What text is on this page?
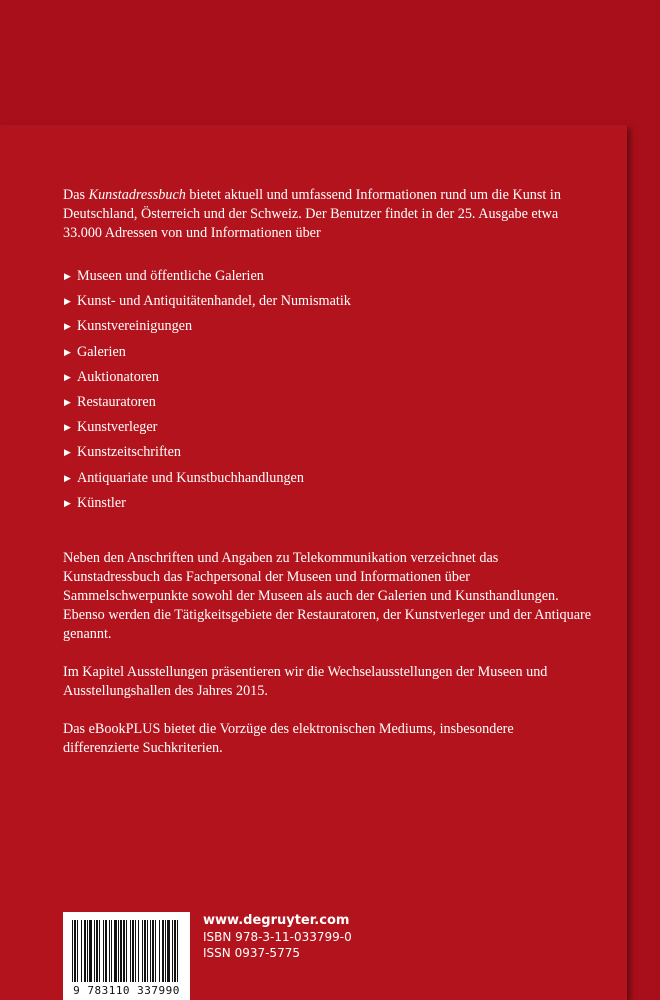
Das Kunstadressbuch bietet aktuell und umfassend Informationen rund um die Kunst in Deutschland, Österreich und der Schweiz. Der Benutzer findet in der 25. Ausgabe etwa 33.000 Adressen von und Informationen über

▶ Museen und öffentliche Galerien
▶ Kunst- und Antiquitätenhandel, der Numismatik
▶ Kunstvereinigungen
▶ Galerien
▶ Auktionatoren
▶ Restauratoren
▶ Kunstverleger
▶ Kunstzeitschriften
▶ Antiquariate und Kunstbuchhandlungen
▶ Künstler

Neben den Anschriften und Angaben zu Telekommunikation verzeichnet das Kunstadressbuch das Fachpersonal der Museen und Informationen über Sammelschwerpunkte sowohl der Museen als auch der Galerien und Kunsthandlungen. Ebenso werden die Tätigkeitsgebiete der Restauratoren, der Kunstverleger und der Antiquare genannt.

Im Kapitel Ausstellungen präsentieren wir die Wechselausstellungen der Museen und Ausstellungshallen des Jahres 2015.

Das eBookPLUS bietet die Vorzüge des elektronischen Mediums, insbesondere differenzierte Suchkriterien.

9 783110 337990
www.degruyter.com
ISBN 978-3-11-033799-0
ISSN 0937-5775
